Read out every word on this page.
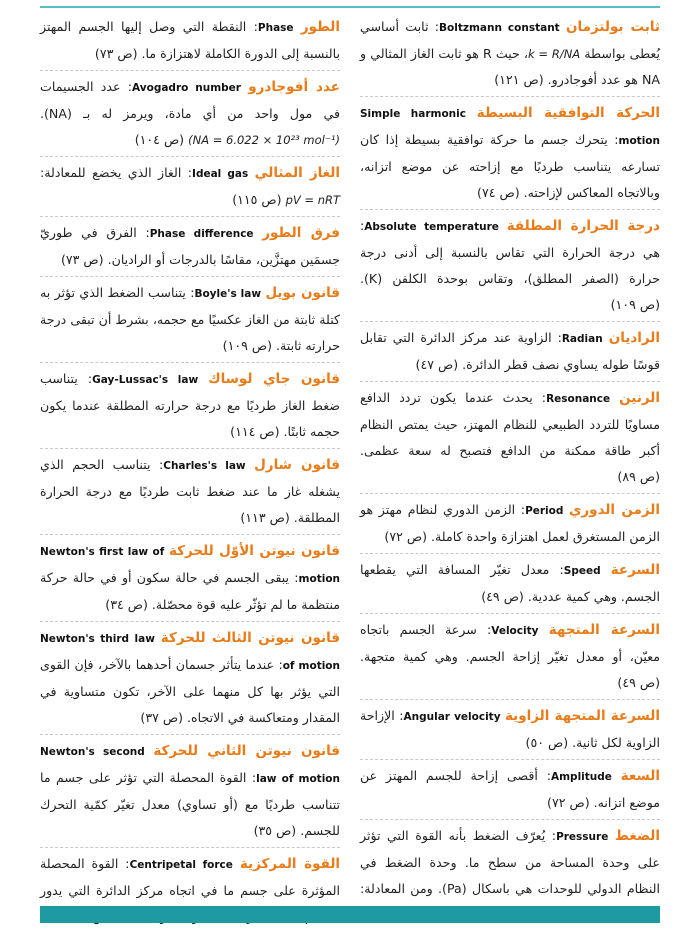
ثابت بولتزمان Boltzmann constant: ثابت أساسي يُعطى بواسطة k = R/NA، حيث R هو ثابت الغاز المثالي و NA هو عدد أفوجادرو. (ص ١٢١)

الحركة التوافقية البسيطة Simple harmonic motion: يتحرك جسم ما حركة توافقية بسيطة إذا كان تسارعه يتناسب طرديًا مع إزاحته عن موضع اتزانه، وبالاتجاه المعاكس لإزاحته. (ص ٧٤)

درجة الحرارة المطلقة Absolute temperature: هي درجة الحرارة التي تقاس بالنسبة إلى أدنى درجة حرارة (الصفر المطلق)، وتقاس بوحدة الكلفن (K). (ص ١٠٩)

الراديان Radian: الزاوية عند مركز الدائرة التي تقابل قوسًا طوله يساوي نصف قطر الدائرة. (ص ٤٧)

الرنين Resonance: يحدث عندما يكون تردد الدافع مساويًا للتردد الطبيعي للنظام المهتز، حيث يمتص النظام أكبر طاقة ممكنة من الدافع فتصبح له سعة عظمى. (ص ٨٩)

الزمن الدوري Period: الزمن الدوري لنظام مهتز هو الزمن المستغرق لعمل اهتزازة واحدة كاملة. (ص ٧٢)

السرعة Speed: معدل تغيّر المسافة التي يقطعها الجسم. وهي كمية عددية. (ص ٤٩)

السرعة المتجهة Velocity: سرعة الجسم باتجاه معيّن، أو معدل تغيّر إزاحة الجسم. وهي كمية متجهة. (ص ٤٩)

السرعة المتجهة الزاوية Angular velocity: الإزاحة الزاوية لكل ثانية. (ص ٥٠)

السعة Amplitude: أقصى إزاحة للجسم المهتز عن موضع اتزانه. (ص ٧٢)

الضغط Pressure: يُعرّف الضغط بأنه القوة التي تؤثر على وحدة المساحة من سطح ما. وحدة الضغط في النظام الدولي للوحدات هي باسكال (Pa). ومن المعادلة:

الطور Phase: النقطة التي وصل إليها الجسم المهتز بالنسبة إلى الدورة الكاملة لاهتزازة ما. (ص ٧٣)

عدد أفوجادرو Avogadro number: عدد الجسيمات في مول واحد من أي مادة، ويرمز له بـ (NA). (NA = 6.022 × 10²³ mol⁻¹) (ص ١٠٤)

الغاز المثالي Ideal gas: الغاز الذي يخضع للمعادلة: pV = nRT (ص ١١٥)

فرق الطور Phase difference: الفرق في طوريّ جسمَين مهتزَّين، مقاسًا بالدرجات أو الراديان. (ص ٧٣)

قانون بويل Boyle's law: يتناسب الضغط الذي تؤثر به كتلة ثابتة من الغاز عكسيًا مع حجمه، بشرط أن تبقى درجة حرارته ثابتة. (ص ١٠٩)

قانون جاي لوساك Gay-Lussac's law: يتناسب ضغط الغاز طرديًا مع درجة حرارته المطلقة عندما يكون حجمه ثابتًا. (ص ١١٤)

قانون شارل Charles's law: يتناسب الحجم الذي يشغله غاز ما عند ضغط ثابت طرديًا مع درجة الحرارة المطلقة. (ص ١١٣)

قانون نيوتن الأوّل للحركة Newton's first law of motion: يبقى الجسم في حالة سكون أو في حالة حركة منتظمة ما لم تؤثّر عليه قوة محصّلة. (ص ٣٤)

قانون نيوتن الثالث للحركة Newton's third law of motion: عندما يتأثر جسمان أحدهما بالآخر، فإن القوى التي يؤثر بها كل منهما على الآخر، تكون متساوية في المقدار ومتعاكسة في الاتجاه. (ص ٣٧)

قانون نيوتن الثاني للحركة Newton's second law of motion: القوة المحصلة التي تؤثر على جسم ما تتناسب طرديًا مع (أو تساوي) معدل تغيّر كمّية التحرك للجسم. (ص ٣٥)

القوة المركزية Centripetal force: القوة المحصلة المؤثرة على جسم ما في اتجاه مركز الدائرة التي يدور
